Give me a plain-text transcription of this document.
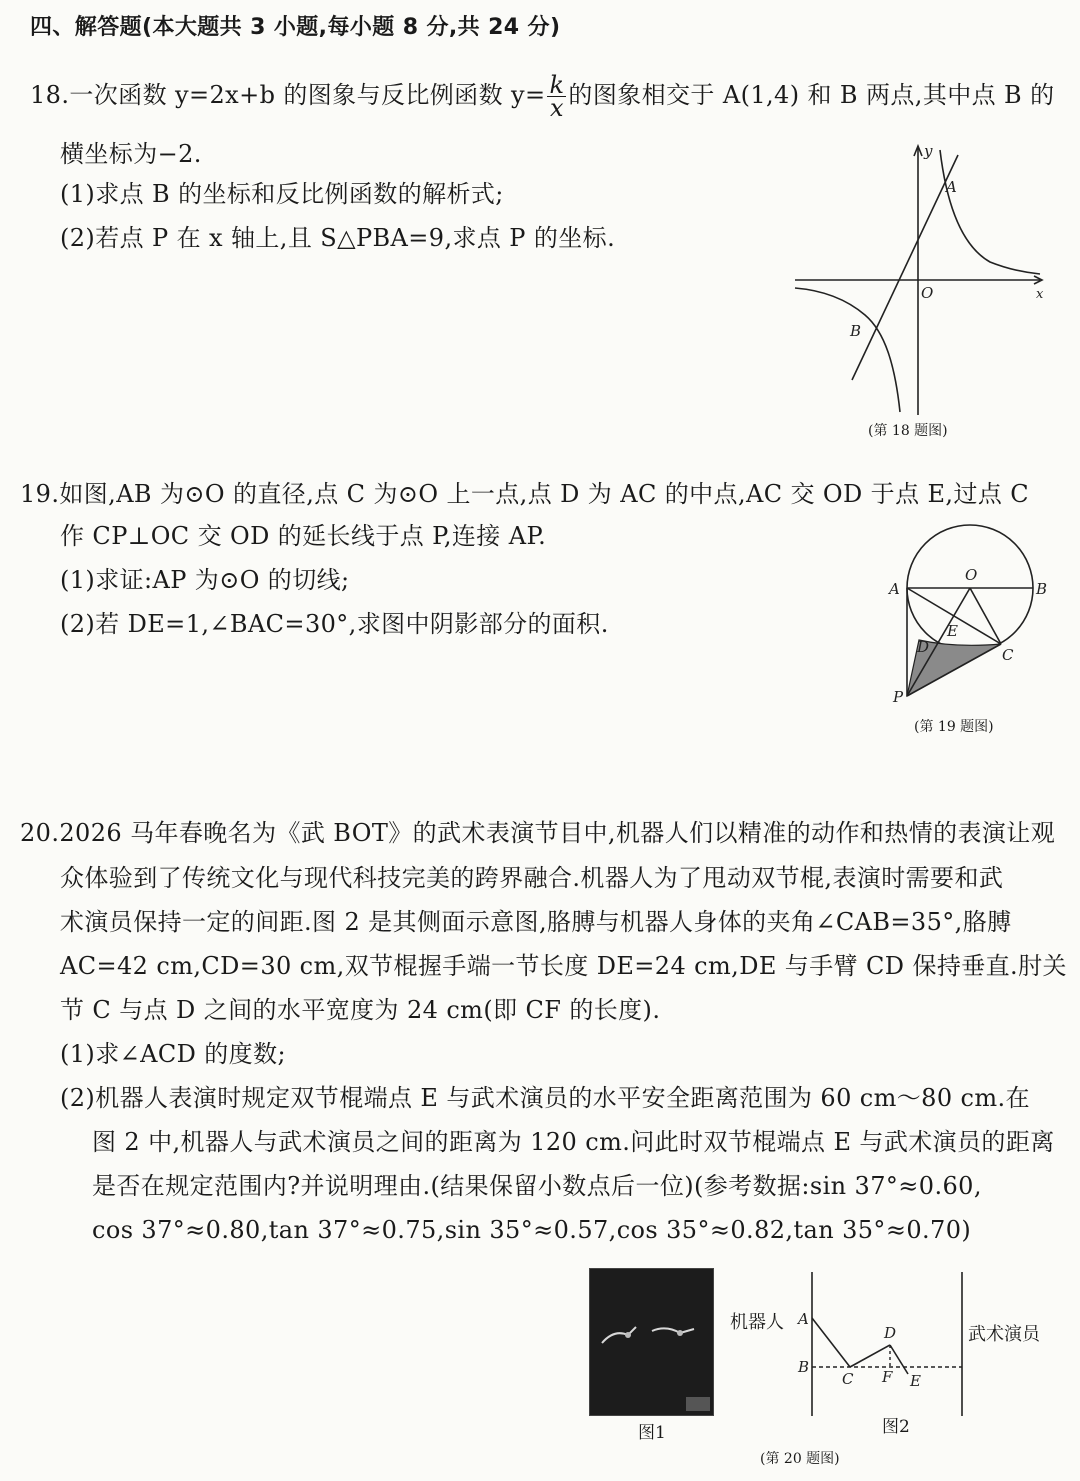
四、解答题(本大题共 3 小题,每小题 8 分,共 24 分)
18.一次函数 y=2x+b 的图象与反比例函数 $y= \frac{k}{x}$ 的图象相交于 A(1,4) 和 B 两点,其中点 B 的
横坐标为−2.
(1)求点 B 的坐标和反比例函数的解析式;
(2)若点 P 在 x 轴上,且 S△PBA=9,求点 P 的坐标.
y
A
O	x
B
(第 18 题图)
19.如图,AB 为⊙O 的直径,点 C 为⊙O 上一点,点 D 为 AC 的中点,AC 交 OD 于点 E,过点 C
作 CP⊥OC 交 OD 的延长线于点 P,连接 AP.
(1)求证:AP 为⊙O 的切线;
(2)若 DE=1,∠BAC=30°,求图中阴影部分的面积.
A
O
B
E
D	C
P
(第 19 题图)
20.2026 马年春晚名为《武 BOT》的武术表演节目中,机器人们以精准的动作和热情的表演让观
众体验到了传统文化与现代科技完美的跨界融合.机器人为了甩动双节棍,表演时需要和武
术演员保持一定的间距.图 2 是其侧面示意图,胳膊与机器人身体的夹角∠CAB=35°,胳膊
AC=42 cm,CD=30 cm,双节棍握手端一节长度 DE=24 cm,DE 与手臂 CD 保持垂直.肘关
节 C 与点 D 之间的水平宽度为 24 cm(即 CF 的长度).
(1)求∠ACD 的度数;
(2)机器人表演时规定双节棍端点 E 与武术演员的水平安全距离范围为 60 cm～80 cm.在
图 2 中,机器人与武术演员之间的距离为 120 cm.问此时双节棍端点 E 与武术演员的距离
是否在规定范围内?并说明理由.(结果保留小数点后一位)(参考数据:sin 37°≈0.60,
cos 37°≈0.80,tan 37°≈0.75,sin 35°≈0.57,cos 35°≈0.82,tan 35°≈0.70)
图1
机器人
武术演员
A
B
C
D
F E
图2
(第 20 题图)
